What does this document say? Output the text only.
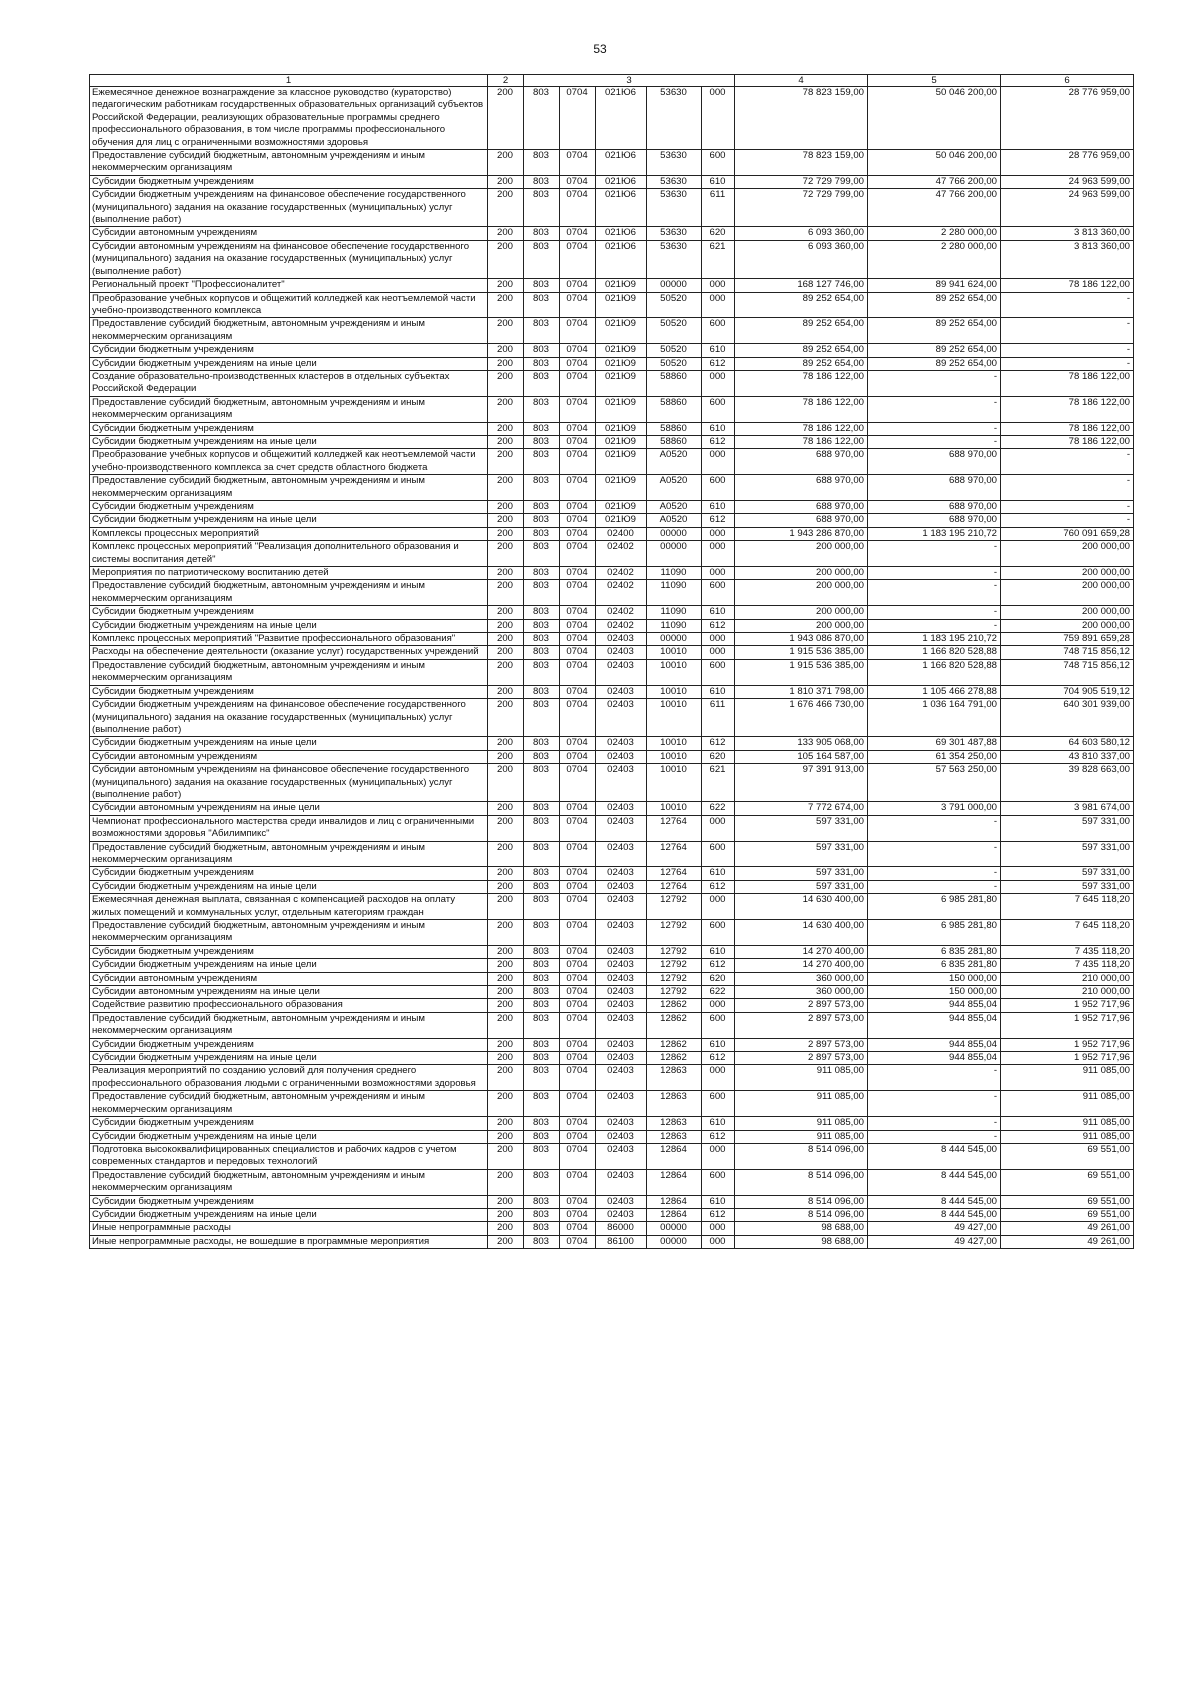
53
1	2	3					4	5	6
Ежемесячное денежное вознаграждение за классное руководство (кураторство) педагогическим работникам государственных образовательных организаций субъектов Российской Федерации, реализующих образовательные программы среднего профессионального образования, в том числе программы профессионального обучения для лиц с ограниченными возможностями здоровья	200	803	0704	021Ю6	53630	000	78 823 159,00	50 046 200,00	28 776 959,00
Предоставление субсидий бюджетным, автономным учреждениям и иным некоммерческим организациям	200	803	0704	021Ю6	53630	600	78 823 159,00	50 046 200,00	28 776 959,00
Субсидии бюджетным учреждениям	200	803	0704	021Ю6	53630	610	72 729 799,00	47 766 200,00	24 963 599,00
Субсидии бюджетным учреждениям на финансовое обеспечение государственного (муниципального) задания на оказание государственных (муниципальных) услуг (выполнение работ)	200	803	0704	021Ю6	53630	611	72 729 799,00	47 766 200,00	24 963 599,00
Субсидии автономным учреждениям	200	803	0704	021Ю6	53630	620	6 093 360,00	2 280 000,00	3 813 360,00
Субсидии автономным учреждениям на финансовое обеспечение государственного (муниципального) задания на оказание государственных (муниципальных) услуг (выполнение работ)	200	803	0704	021Ю6	53630	621	6 093 360,00	2 280 000,00	3 813 360,00
Региональный проект "Профессионалитет"	200	803	0704	021Ю9	00000	000	168 127 746,00	89 941 624,00	78 186 122,00
Преобразование учебных корпусов и общежитий колледжей как неотъемлемой части учебно-производственного комплекса	200	803	0704	021Ю9	50520	000	89 252 654,00	89 252 654,00	-
Предоставление субсидий бюджетным, автономным учреждениям и иным некоммерческим организациям	200	803	0704	021Ю9	50520	600	89 252 654,00	89 252 654,00	-
Субсидии бюджетным учреждениям	200	803	0704	021Ю9	50520	610	89 252 654,00	89 252 654,00	-
Субсидии бюджетным учреждениям на иные цели	200	803	0704	021Ю9	50520	612	89 252 654,00	89 252 654,00	-
Создание образовательно-производственных кластеров в отдельных субъектах Российской Федерации	200	803	0704	021Ю9	58860	000	78 186 122,00	-	78 186 122,00
Предоставление субсидий бюджетным, автономным учреждениям и иным некоммерческим организациям	200	803	0704	021Ю9	58860	600	78 186 122,00	-	78 186 122,00
Субсидии бюджетным учреждениям	200	803	0704	021Ю9	58860	610	78 186 122,00	-	78 186 122,00
Субсидии бюджетным учреждениям на иные цели	200	803	0704	021Ю9	58860	612	78 186 122,00	-	78 186 122,00
Преобразование учебных корпусов и общежитий колледжей как неотъемлемой части учебно-производственного комплекса за счет средств областного бюджета	200	803	0704	021Ю9	А0520	000	688 970,00	688 970,00	-
Предоставление субсидий бюджетным, автономным учреждениям и иным некоммерческим организациям	200	803	0704	021Ю9	А0520	600	688 970,00	688 970,00	-
Субсидии бюджетным учреждениям	200	803	0704	021Ю9	А0520	610	688 970,00	688 970,00	-
Субсидии бюджетным учреждениям на иные цели	200	803	0704	021Ю9	А0520	612	688 970,00	688 970,00	-
Комплексы процессных мероприятий	200	803	0704	02400	00000	000	1 943 286 870,00	1 183 195 210,72	760 091 659,28
Комплекс процессных мероприятий "Реализация дополнительного образования и системы воспитания детей"	200	803	0704	02402	00000	000	200 000,00	-	200 000,00
Мероприятия по патриотическому воспитанию детей	200	803	0704	02402	11090	000	200 000,00	-	200 000,00
Предоставление субсидий бюджетным, автономным учреждениям и иным некоммерческим организациям	200	803	0704	02402	11090	600	200 000,00	-	200 000,00
Субсидии бюджетным учреждениям	200	803	0704	02402	11090	610	200 000,00	-	200 000,00
Субсидии бюджетным учреждениям на иные цели	200	803	0704	02402	11090	612	200 000,00	-	200 000,00
Комплекс процессных мероприятий "Развитие профессионального образования"	200	803	0704	02403	00000	000	1 943 086 870,00	1 183 195 210,72	759 891 659,28
Расходы на обеспечение деятельности (оказание услуг) государственных учреждений	200	803	0704	02403	10010	000	1 915 536 385,00	1 166 820 528,88	748 715 856,12
Предоставление субсидий бюджетным, автономным учреждениям и иным некоммерческим организациям	200	803	0704	02403	10010	600	1 915 536 385,00	1 166 820 528,88	748 715 856,12
Субсидии бюджетным учреждениям	200	803	0704	02403	10010	610	1 810 371 798,00	1 105 466 278,88	704 905 519,12
Субсидии бюджетным учреждениям на финансовое обеспечение государственного (муниципального) задания на оказание государственных (муниципальных) услуг (выполнение работ)	200	803	0704	02403	10010	611	1 676 466 730,00	1 036 164 791,00	640 301 939,00
Субсидии бюджетным учреждениям на иные цели	200	803	0704	02403	10010	612	133 905 068,00	69 301 487,88	64 603 580,12
Субсидии автономным учреждениям	200	803	0704	02403	10010	620	105 164 587,00	61 354 250,00	43 810 337,00
Субсидии автономным учреждениям на финансовое обеспечение государственного (муниципального) задания на оказание государственных (муниципальных) услуг (выполнение работ)	200	803	0704	02403	10010	621	97 391 913,00	57 563 250,00	39 828 663,00
Субсидии автономным учреждениям на иные цели	200	803	0704	02403	10010	622	7 772 674,00	3 791 000,00	3 981 674,00
Чемпионат профессионального мастерства среди инвалидов и лиц с ограниченными возможностями здоровья "Абилимпикс"	200	803	0704	02403	12764	000	597 331,00	-	597 331,00
Предоставление субсидий бюджетным, автономным учреждениям и иным некоммерческим организациям	200	803	0704	02403	12764	600	597 331,00	-	597 331,00
Субсидии бюджетным учреждениям	200	803	0704	02403	12764	610	597 331,00	-	597 331,00
Субсидии бюджетным учреждениям на иные цели	200	803	0704	02403	12764	612	597 331,00	-	597 331,00
Ежемесячная денежная выплата, связанная с компенсацией расходов на оплату жилых помещений и коммунальных услуг, отдельным категориям граждан	200	803	0704	02403	12792	000	14 630 400,00	6 985 281,80	7 645 118,20
Предоставление субсидий бюджетным, автономным учреждениям и иным некоммерческим организациям	200	803	0704	02403	12792	600	14 630 400,00	6 985 281,80	7 645 118,20
Субсидии бюджетным учреждениям	200	803	0704	02403	12792	610	14 270 400,00	6 835 281,80	7 435 118,20
Субсидии бюджетным учреждениям на иные цели	200	803	0704	02403	12792	612	14 270 400,00	6 835 281,80	7 435 118,20
Субсидии автономным учреждениям	200	803	0704	02403	12792	620	360 000,00	150 000,00	210 000,00
Субсидии автономным учреждениям на иные цели	200	803	0704	02403	12792	622	360 000,00	150 000,00	210 000,00
Содействие развитию профессионального образования	200	803	0704	02403	12862	000	2 897 573,00	944 855,04	1 952 717,96
Предоставление субсидий бюджетным, автономным учреждениям и иным некоммерческим организациям	200	803	0704	02403	12862	600	2 897 573,00	944 855,04	1 952 717,96
Субсидии бюджетным учреждениям	200	803	0704	02403	12862	610	2 897 573,00	944 855,04	1 952 717,96
Субсидии бюджетным учреждениям на иные цели	200	803	0704	02403	12862	612	2 897 573,00	944 855,04	1 952 717,96
Реализация мероприятий по созданию условий для получения среднего профессионального образования людьми с ограниченными возможностями здоровья	200	803	0704	02403	12863	000	911 085,00	-	911 085,00
Предоставление субсидий бюджетным, автономным учреждениям и иным некоммерческим организациям	200	803	0704	02403	12863	600	911 085,00	-	911 085,00
Субсидии бюджетным учреждениям	200	803	0704	02403	12863	610	911 085,00	-	911 085,00
Субсидии бюджетным учреждениям на иные цели	200	803	0704	02403	12863	612	911 085,00	-	911 085,00
Подготовка высококвалифицированных специалистов и рабочих кадров с учетом современных стандартов и передовых технологий	200	803	0704	02403	12864	000	8 514 096,00	8 444 545,00	69 551,00
Предоставление субсидий бюджетным, автономным учреждениям и иным некоммерческим организациям	200	803	0704	02403	12864	600	8 514 096,00	8 444 545,00	69 551,00
Субсидии бюджетным учреждениям	200	803	0704	02403	12864	610	8 514 096,00	8 444 545,00	69 551,00
Субсидии бюджетным учреждениям на иные цели	200	803	0704	02403	12864	612	8 514 096,00	8 444 545,00	69 551,00
Иные непрограммные расходы	200	803	0704	86000	00000	000	98 688,00	49 427,00	49 261,00
Иные непрограммные расходы, не вошедшие в программные мероприятия	200	803	0704	86100	00000	000	98 688,00	49 427,00	49 261,00
